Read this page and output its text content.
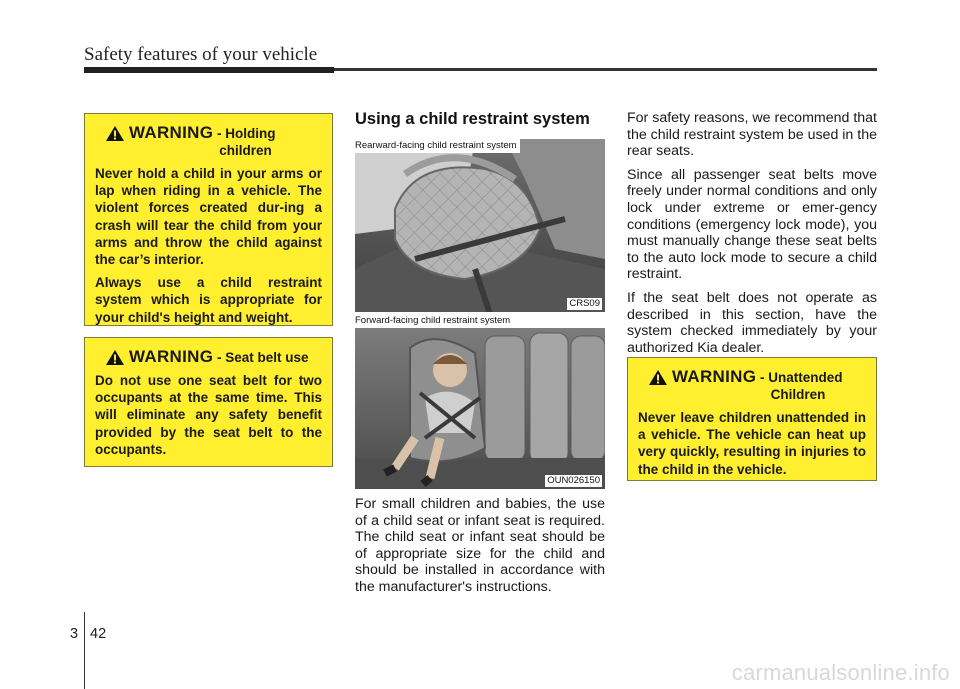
Safety features of your vehicle
WARNING - Holding
children

Never hold a child in your arms or lap when riding in a vehicle. The violent forces created dur-ing a crash will tear the child from your arms and throw the child against the car’s interior.

Always use a child restraint system which is appropriate for your child's height and weight.

WARNING - Seat belt use

Do not use one seat belt for two occupants at the same time. This will eliminate any safety benefit provided by the seat belt to the occupants.

Using a child restraint system
Rearward-facing child restraint system
CRS09
Forward-facing child restraint system
OUN026150

For small children and babies, the use of a child seat or infant seat is required. The child seat or infant seat should be of appropriate size for the child and should be installed in accordance with the manufacturer's instructions.

For safety reasons, we recommend that the child restraint system be used in the rear seats.

Since all passenger seat belts move freely under normal conditions and only lock under extreme or emer-gency conditions (emergency lock mode), you must manually change these seat belts to the auto lock mode to secure a child restraint.

If the seat belt does not operate as described in this section, have the system checked immediately by your authorized Kia dealer.

WARNING - Unattended
Children

Never leave children unattended in a vehicle. The vehicle can heat up very quickly, resulting in injuries to the child in the vehicle.

3 42
carmanualsonline.info
